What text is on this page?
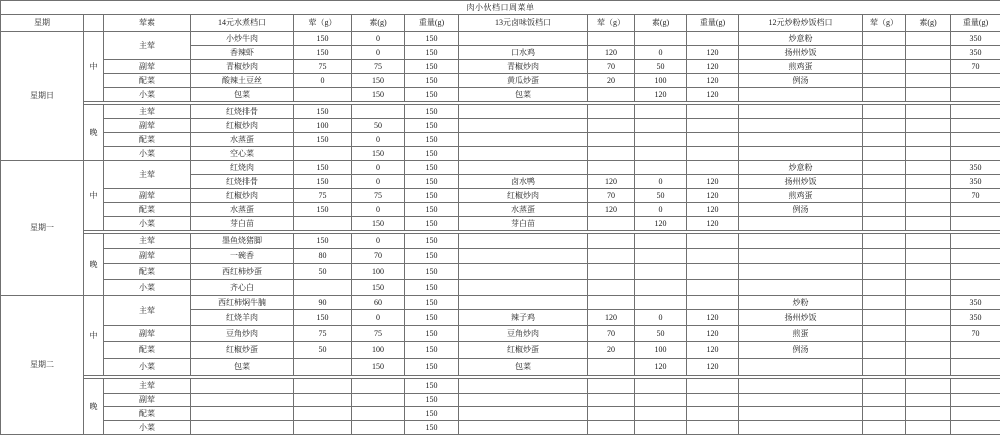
肉小伙档口周菜单														
星期		荤素	14元水煮档口	荤（g）	素(g)	重量(g)	13元卤味饭档口	荤（g）	素(g)	重量(g)	12元炒粉炒饭档口	荤（g）	素(g)	重量(g)
星期日	中	主荤	小炒牛肉	150	0	150					炒意粉			350
			香辣虾	150	0	150	口水鸡	120	0	120	扬州炒饭			350
		副荤	青椒炒肉	75	75	150	青椒炒肉	70	50	120	煎鸡蛋			70
		配菜	酸辣土豆丝	0	150	150	黄瓜炒蛋	20	100	120	例汤			
		小菜	包菜		150	150	包菜		120	120				

	晚	主荤	红烧排骨	150		150								
		副荤	红椒炒肉	100	50	150								
		配菜	水蒸蛋	150	0	150								
		小菜	空心菜		150	150								
星期一	中	主荤	红烧肉	150	0	150					炒意粉			350
			红烧排骨	150	0	150	卤水鸭	120	0	120	扬州炒饭			350
		副荤	红椒炒肉	75	75	150	红椒炒肉	70	50	120	煎鸡蛋			70
		配菜	水蒸蛋	150	0	150	水蒸蛋	120	0	120	例汤			
		小菜	芽白苗		150	150	芽白苗		120	120				

	晚	主荤	墨鱼烧猪脚	150	0	150								
		副荤	一碗香	80	70	150								
		配菜	西红柿炒蛋	50	100	150								
		小菜	齐心白		150	150								
星期二	中	主荤	西红柿焖牛腩	90	60	150					炒粉			350
			红烧羊肉	150	0	150	辣子鸡	120	0	120	扬州炒饭			350
		副荤	豆角炒肉	75	75	150	豆角炒肉	70	50	120	煎蛋			70
		配菜	红椒炒蛋	50	100	150	红椒炒蛋	20	100	120	例汤			
		小菜	包菜		150	150	包菜		120	120				

	晚	主荤				150								
		副荤				150								
		配菜				150								
		小菜				150								
